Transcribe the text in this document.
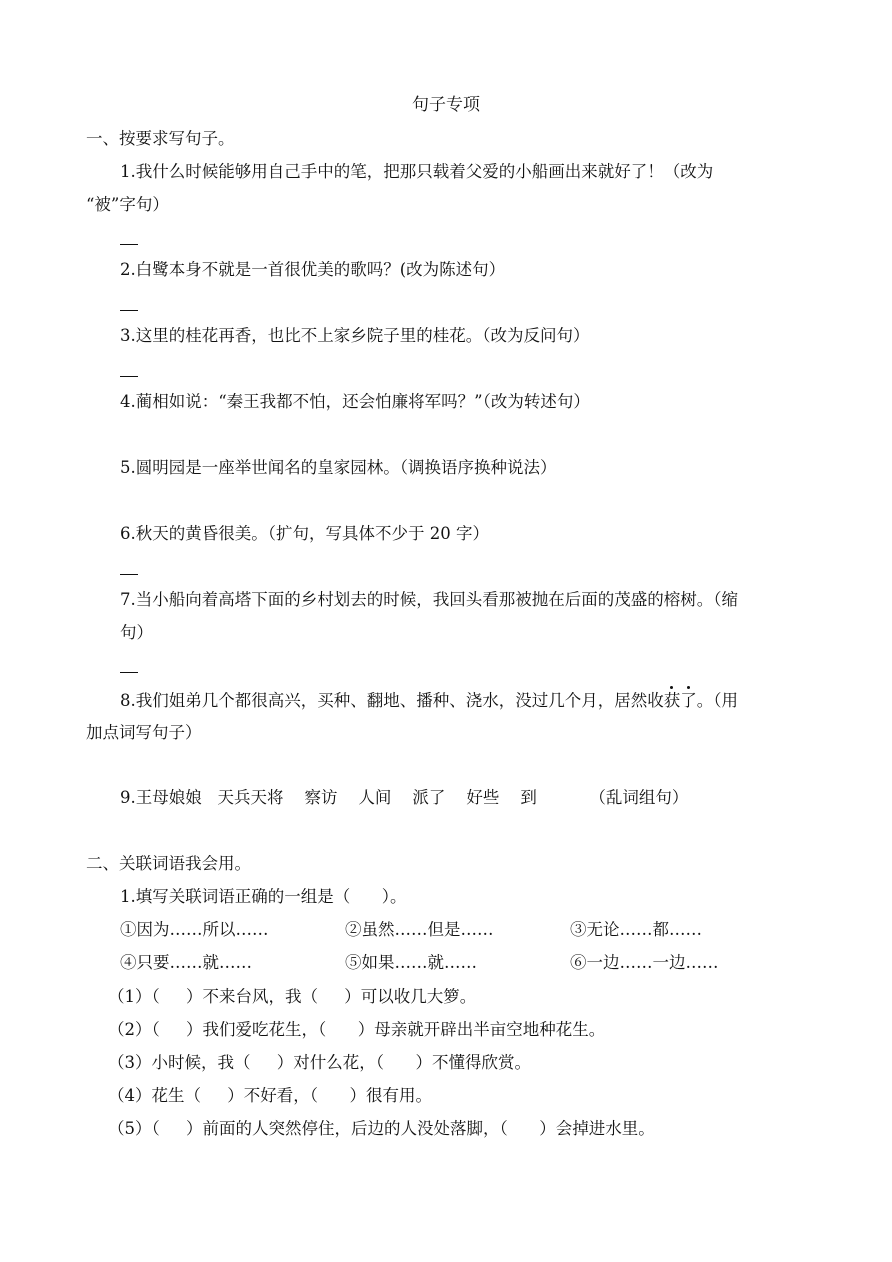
句子专项
一、按要求写句子。
1.我什么时候能够用自己手中的笔，把那只载着父爱的小船画出来就好了！（改为
“被”字句）
2.白鹭本身不就是一首很优美的歌吗？(改为陈述句）
3.这里的桂花再香，也比不上家乡院子里的桂花。（改为反问句）
4.蔺相如说：“秦王我都不怕，还会怕廉将军吗？”（改为转述句）
5.圆明园是一座举世闻名的皇家园林。（调换语序换种说法）
6.秋天的黄昏很美。（扩句，写具体不少于 20 字）
7.当小船向着高塔下面的乡村划去的时候，我回头看那被抛在后面的茂盛的榕树。（缩
句）
8.我们姐弟几个都很高兴，买种、翻地、播种、浇水，没过几个月，居然收获了。（用
加点词写句子）
9.王母娘娘   天兵天将    察访    人间    派了    好些    到          （乱词组句）
二、关联词语我会用。
1.填写关联词语正确的一组是（      ）。
①因为……所以……	②虽然……但是……	③无论……都……
④只要……就……	⑤如果……就……	⑥一边……一边……
（1）（     ）不来台风，我（     ）可以收几大箩。
（2）（     ）我们爱吃花生，（      ）母亲就开辟出半亩空地种花生。
（3）小时候，我（     ）对什么花，（      ）不懂得欣赏。
（4）花生（     ）不好看，（      ）很有用。
（5）（     ）前面的人突然停住，后边的人没处落脚，（      ）会掉进水里。
